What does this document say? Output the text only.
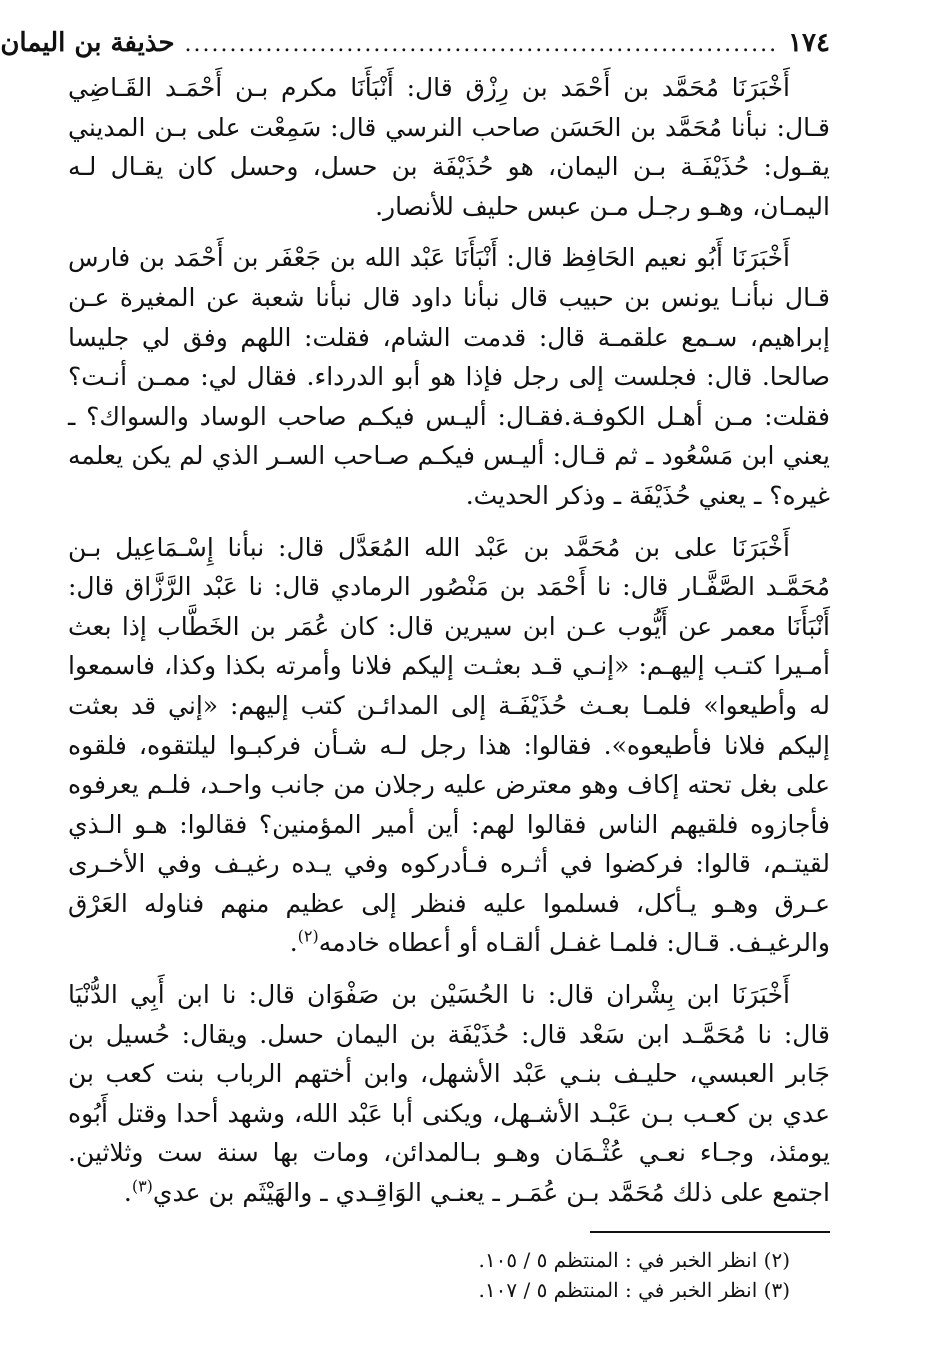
١٧٤
..................................................................
حذيفة بن اليمان

أَخْبَرَنَا مُحَمَّد بن أَحْمَد بن رِزْق قال: أَنْبَأَنَا مكرم بـن أَحْمَـد القَـاضِي قـال: نبأنا مُحَمَّد بن الحَسَن صاحب النرسي قال: سَمِعْت على بـن المديني يقـول: حُذَيْفَـة بـن اليمان، هو حُذَيْفَة بن حسل، وحسل كان يقـال لـه اليمـان، وهـو رجـل مـن عبس حليف للأنصار.

أَخْبَرَنَا أَبُو نعيم الحَافِظ قال: أَنْبَأَنَا عَبْد الله بن جَعْفَر بن أَحْمَد بن فارس قـال نبأنـا يونس بن حبيب قال نبأنا داود قال نبأنا شعبة عن المغيرة عـن إبراهيم، سـمع علقمـة قال: قدمت الشام، فقلت: اللهم وفق لي جليسا صالحا. قال: فجلست إلى رجل فإذا هو أبو الدرداء. فقال لي: ممـن أنـت؟ فقلت: مـن أهـل الكوفـة.فقـال: أليـس فيكـم صاحب الوساد والسواك؟ ـ يعني ابن مَسْعُود ـ ثم قـال: أليـس فيكـم صـاحب السـر الذي لم يكن يعلمه غيره؟ ـ يعني حُذَيْفَة ـ وذكر الحديث.

أَخْبَرَنَا على بن مُحَمَّد بن عَبْد الله المُعَدَّل قال: نبأنا إِسْـمَاعِيل بـن مُحَمَّـد الصَّفَّـار قال: نا أَحْمَد بن مَنْصُور الرمادي قال: نا عَبْد الرَّزَّاق قال: أَنْبَأَنَا معمر عن أَيُّوب عـن ابن سيرين قال: كان عُمَر بن الخَطَّاب إذا بعث أمـيرا كتـب إليهـم: «إنـي قـد بعثـت إليكم فلانا وأمرته بكذا وكذا، فاسمعوا له وأطيعوا» فلمـا بعـث حُذَيْفَـة إلى المدائـن كتب إليهم: «إني قد بعثت إليكم فلانا فأطيعوه». فقالوا: هذا رجل لـه شـأن فركبـوا ليلتقوه، فلقوه على بغل تحته إكاف وهو معترض عليه رجلان من جانب واحـد، فلـم يعرفوه فأجازوه فلقيهم الناس فقالوا لهم: أين أمير المؤمنين؟ فقالوا: هـو الـذي لقيتـم، قالوا: فركضوا في أثـره فـأدركوه وفي يـده رغيـف وفي الأخـرى عـرق وهـو يـأكل، فسلموا عليه فنظر إلى عظيم منهم فناوله العَرْق والرغيـف. قـال: فلمـا غفـل ألقـاه أو أعطاه خادمه$^{(٢)}$.

أَخْبَرَنَا ابن بِشْران قال: نا الحُسَيْن بن صَفْوَان قال: نا ابن أَبِي الدُّنْيَا قال: نا مُحَمَّـد ابن سَعْد قال: حُذَيْفَة بن اليمان حسل. ويقال: حُسيل بن جَابر العبسي، حليـف بنـي عَبْد الأشهل، وابن أختهم الرباب بنت كعب بن عدي بن كعـب بـن عَبْـد الأشـهل، ويكنى أبا عَبْد الله، وشهد أحدا وقتل أَبُوه يومئذ، وجـاء نعـي عُثْـمَان وهـو بـالمدائن، ومات بها سنة ست وثلاثين. اجتمع على ذلك مُحَمَّد بـن عُمَـر ـ يعنـي الوَاقِـدي ـ والهَيْثَم بن عدي$^{(٣)}$.

(٢) انظر الخبر في : المنتظم ٥ / ١٠٥.

(٣) انظر الخبر في : المنتظم ٥ / ١٠٧.
